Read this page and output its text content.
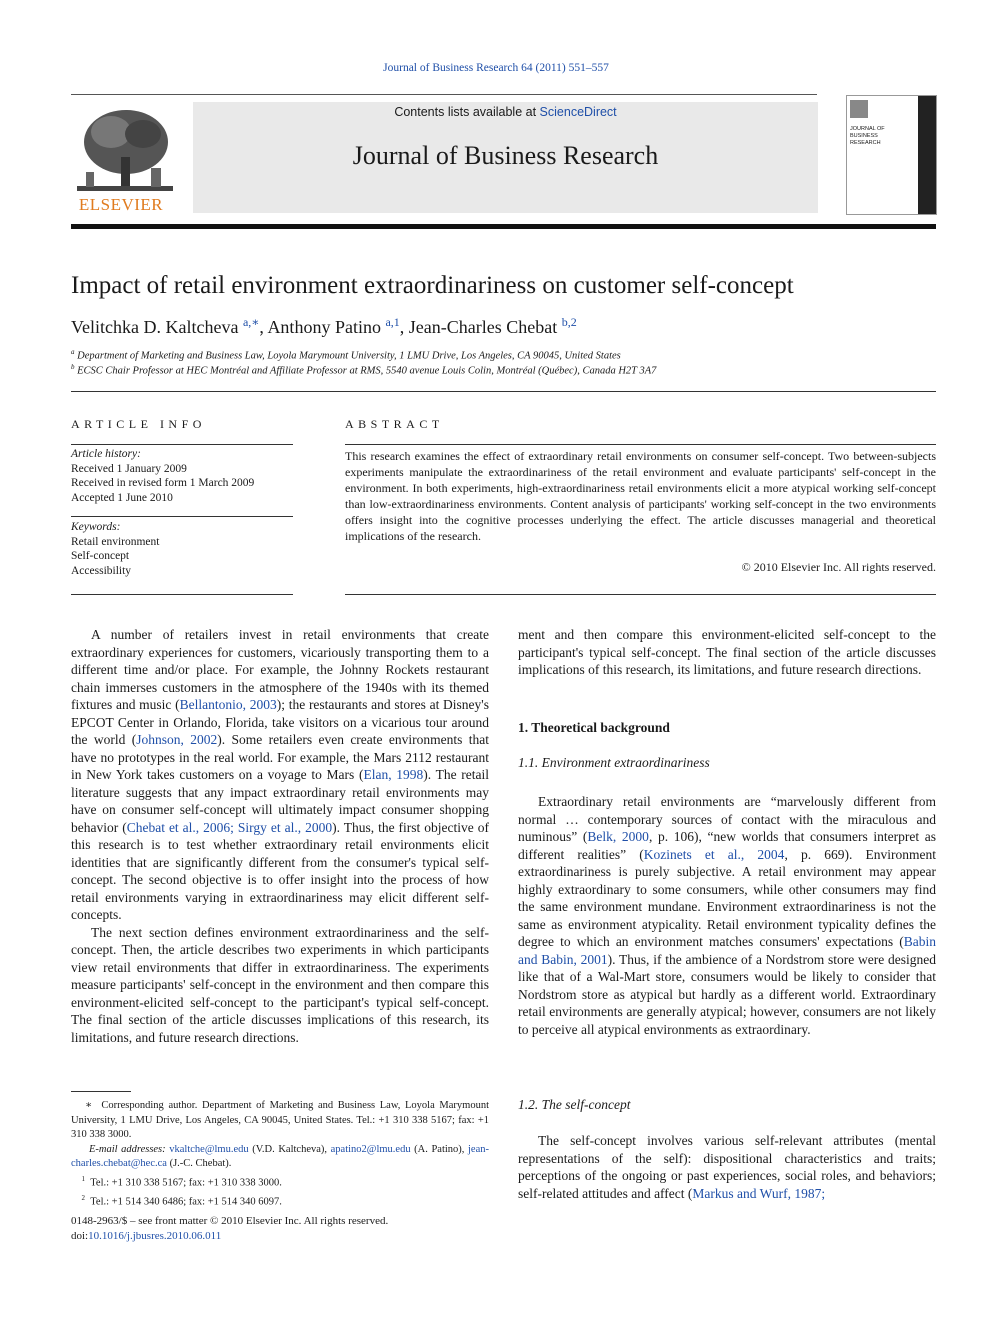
Journal of Business Research 64 (2011) 551–557
ELSEVIER
Contents lists available at ScienceDirect
Journal of Business Research
JOURNAL OF BUSINESS RESEARCH
Impact of retail environment extraordinariness on customer self-concept
Velitchka D. Kaltcheva $^{a,∗}$, Anthony Patino $^{a,1}$, Jean-Charles Chebat $^{b,2}$
$^a$ Department of Marketing and Business Law, Loyola Marymount University, 1 LMU Drive, Los Angeles, CA 90045, United States
$^b$ ECSC Chair Professor at HEC Montréal and Affiliate Professor at RMS, 5540 avenue Louis Colin, Montréal (Québec), Canada H2T 3A7
ARTICLE INFO	ABSTRACT
Article history:
Received 1 January 2009
Received in revised form 1 March 2009
Accepted 1 June 2010
Keywords:
Retail environment
Self-concept
Accessibility
This research examines the effect of extraordinary retail environments on consumer self-concept. Two between-subjects experiments manipulate the extraordinariness of the retail environment and evaluate participants' self-concept in the environment. In both experiments, high-extraordinariness retail environments elicit a more atypical working self-concept than low-extraordinariness environments. Content analysis of participants' working self-concept in the two environments offers insight into the cognitive processes underlying the effect. The article discusses managerial and theoretical implications of the research.
© 2010 Elsevier Inc. All rights reserved.

A number of retailers invest in retail environments that create extraordinary experiences for customers, vicariously transporting them to a different time and/or place. For example, the Johnny Rockets restaurant chain immerses customers in the atmosphere of the 1940s with its themed fixtures and music (Bellantonio, 2003); the restaurants and stores at Disney's EPCOT Center in Orlando, Florida, take visitors on a vicarious tour around the world (Johnson, 2002). Some retailers even create environments that have no prototypes in the real world. For example, the Mars 2112 restaurant in New York takes customers on a voyage to Mars (Elan, 1998). The retail literature suggests that any impact extraordinary retail environments may have on consumer self-concept will ultimately impact consumer shopping behavior (Chebat et al., 2006; Sirgy et al., 2000). Thus, the first objective of this research is to test whether extraordinary retail environments elicit identities that are significantly different from the consumer's typical self-concept. The second objective is to offer insight into the process of how retail environments varying in extraordinariness may elicit different self-concepts.

The next section defines environment extraordinariness and the self-concept. Then, the article describes two experiments in which participants view retail environments that differ in extraordinariness. The experiments measure participants' self-concept in the environment and then compare this environment-elicited self-concept to the participant's typical self-concept. The final section of the article discusses implications of this research, its limitations, and future research directions.

ment and then compare this environment-elicited self-concept to the participant's typical self-concept. The final section of the article discusses implications of this research, its limitations, and future research directions.
1. Theoretical background
1.1. Environment extraordinariness

Extraordinary retail environments are “marvelously different from normal … contemporary sources of contact with the miraculous and numinous” (Belk, 2000, p. 106), “new worlds that consumers interpret as different realities” (Kozinets et al., 2004, p. 669). Environment extraordinariness is purely subjective. A retail environment may appear highly extraordinary to some consumers, while other consumers may find the same environment mundane. Environment extraordinariness is not the same as environment atypicality. Retail environment typicality defines the degree to which an environment matches consumers' expectations (Babin and Babin, 2001). Thus, if the ambience of a Nordstrom store were designed like that of a Wal-Mart store, consumers would be likely to consider that Nordstrom store as atypical but hardly as a different world. Extraordinary retail environments are generally atypical; however, consumers are not likely to perceive all atypical environments as extraordinary.

1.2. The self-concept

The self-concept involves various self-relevant attributes (mental representations of the self): dispositional characteristics and traits; perceptions of the ongoing or past experiences, social roles, and behaviors; self-related attitudes and affect (Markus and Wurf, 1987;

∗  Corresponding author. Department of Marketing and Business Law, Loyola Marymount University, 1 LMU Drive, Los Angeles, CA 90045, United States. Tel.: +1 310 338 5167; fax: +1 310 338 3000.
E-mail addresses: vkaltche@lmu.edu (V.D. Kaltcheva), apatino2@lmu.edu (A. Patino), jean-charles.chebat@hec.ca (J.-C. Chebat).
$^1$ Tel.: +1 310 338 5167; fax: +1 310 338 3000.
$^2$ Tel.: +1 514 340 6486; fax: +1 514 340 6097.
0148-2963/$ – see front matter © 2010 Elsevier Inc. All rights reserved.
doi:10.1016/j.jbusres.2010.06.011
